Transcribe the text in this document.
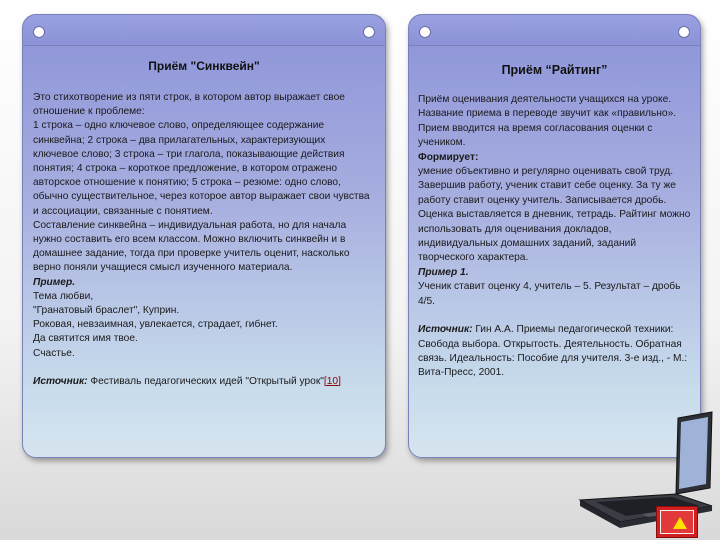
Приём "Синквейн"

Это стихотворение из пяти строк, в котором автор выражает свое отношение к проблеме:

1 строка – одно ключевое слово, определяющее содержание синквейна; 2 строка – два прилагательных, характеризующих ключевое слово; 3 строка – три глагола, показывающие действия понятия; 4 строка – короткое предложение, в котором отражено авторское отношение к понятию; 5 строка – резюме: одно слово, обычно существительное, через которое автор выражает свои чувства и ассоциации, связанные с понятием.

Составление синквейна – индивидуальная работа, но для начала нужно составить его всем классом. Можно включить синквейн и в домашнее задание, тогда при проверке учитель оценит, насколько верно поняли учащиеся смысл изученного материала.

Пример.

Тема любви,

"Гранатовый браслет", Куприн.

Роковая, невзаимная, увлекается, страдает, гибнет.

Да святится имя твое.

Счастье.

Источник: Фестиваль педагогических идей "Открытый урок"[10]

Приём “Райтинг”

Приём оценивания деятельности учащихся на уроке. Название приема в переводе звучит как «правильно». Прием вводится на время согласования оценки с учеником.

Формирует:

умение объективно и регулярно оценивать свой труд.

Завершив работу, ученик ставит себе оценку. За ту же работу ставит оценку учитель. Записывается дробь. Оценка выставляется в дневник, тетрадь. Райтинг можно использовать для оценивания докладов, индивидуальных домашних заданий, заданий творческого характера.

Пример 1.

Ученик ставит оценку 4, учитель – 5. Результат – дробь 4/5.

Источник: Гин А.А. Приемы педагогической техники: Свобода выбора. Открытость. Деятельность. Обратная связь. Идеальность: Пособие для учителя. 3-е изд., - М.: Вита-Пресс, 2001.
